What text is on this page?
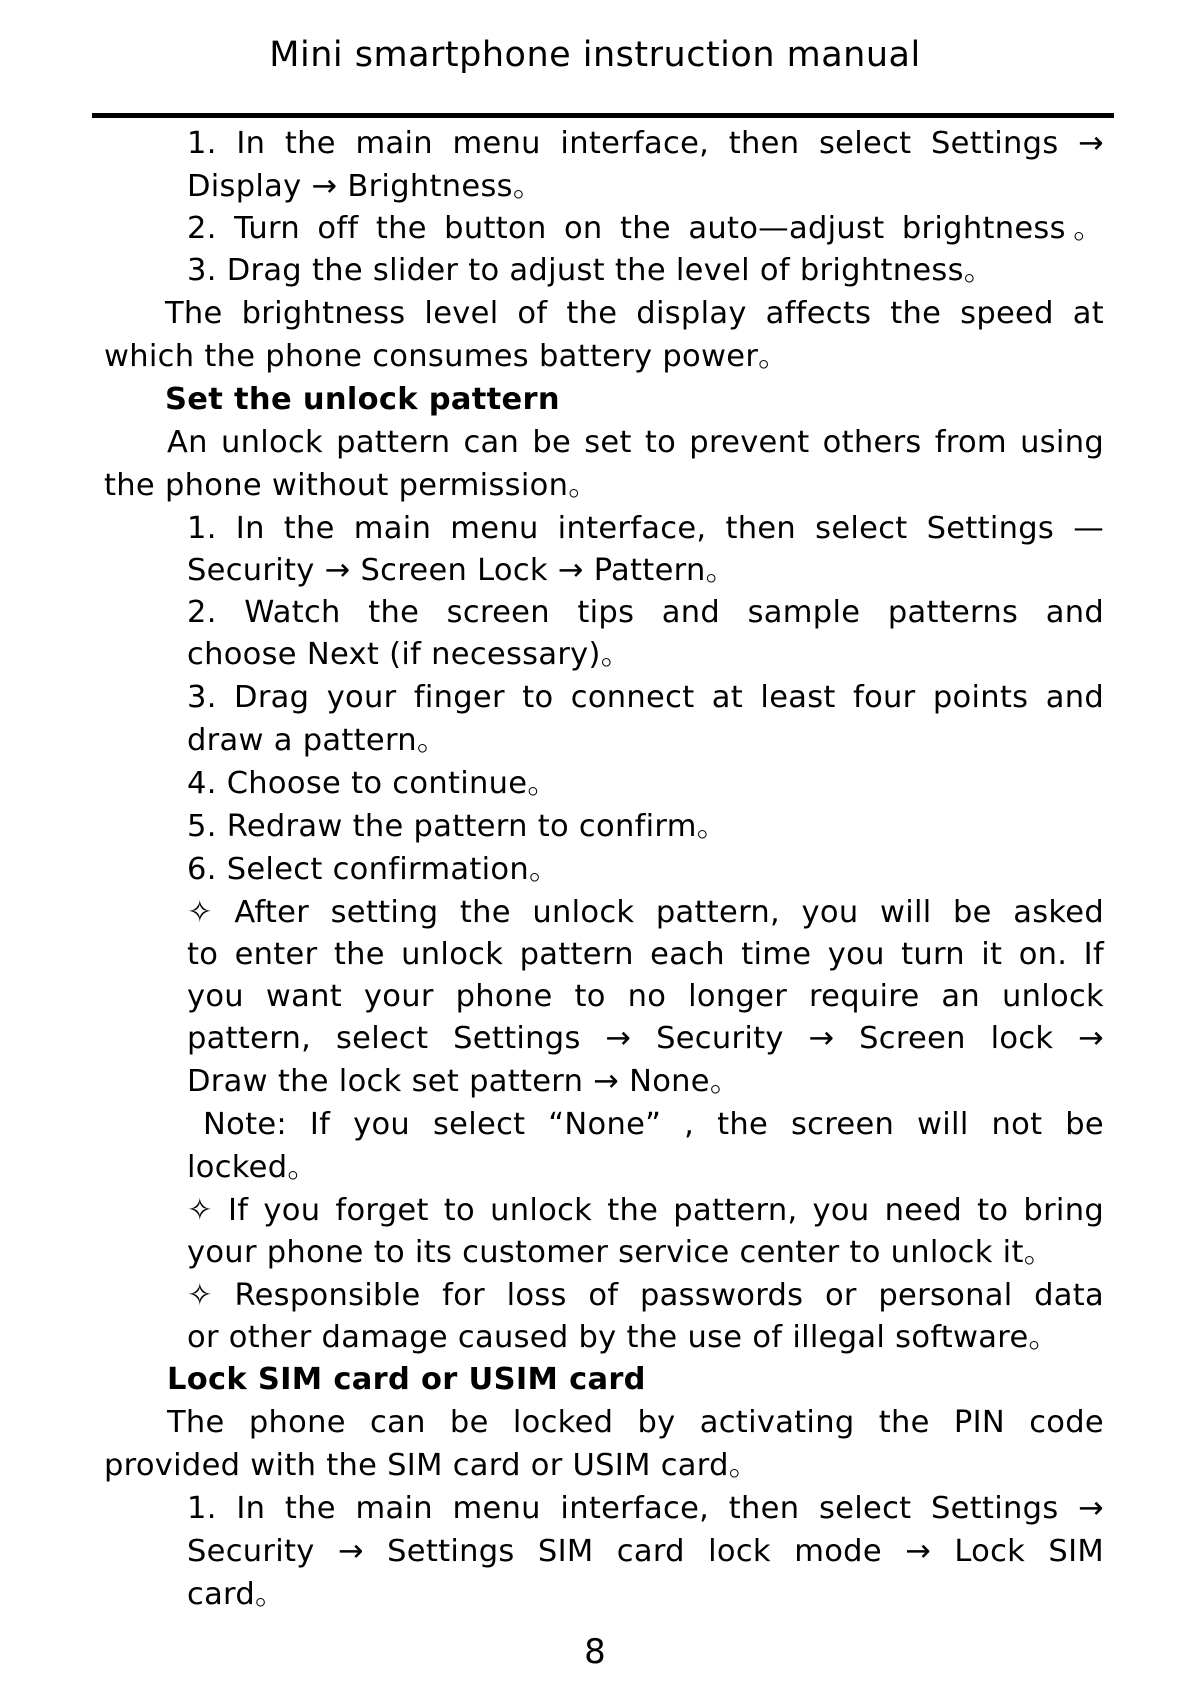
Mini smartphone instruction manual
1. In the main menu interface, then select Settings →
Display → Brightness。
2. Turn off the button on the auto—adjust brightness。
3. Drag the slider to adjust the level of brightness。
The brightness level of the display affects the speed at
which the phone consumes battery power。
Set the unlock pattern
An unlock pattern can be set to prevent others from using
the phone without permission。
1. In the main menu interface, then select Settings —
Security → Screen Lock → Pattern。
2. Watch the screen tips and sample patterns and
choose Next (if necessary)。
3. Drag your finger to connect at least four points and
draw a pattern。
4. Choose to continue。
5. Redraw the pattern to confirm。
6. Select confirmation。
✧ After setting the unlock pattern, you will be asked
to enter the unlock pattern each time you turn it on. If
you want your phone to no longer require an unlock
pattern, select Settings → Security → Screen lock →
Draw the lock set pattern → None。
Note: If you select “None” , the screen will not be
locked。
✧ If you forget to unlock the pattern, you need to bring
your phone to its customer service center to unlock it。
✧ Responsible for loss of passwords or personal data
or other damage caused by the use of illegal software。
Lock SIM card or USIM card
The phone can be locked by activating the PIN code
provided with the SIM card or USIM card。
1. In the main menu interface, then select Settings →
Security → Settings SIM card lock mode → Lock SIM
card。
8
